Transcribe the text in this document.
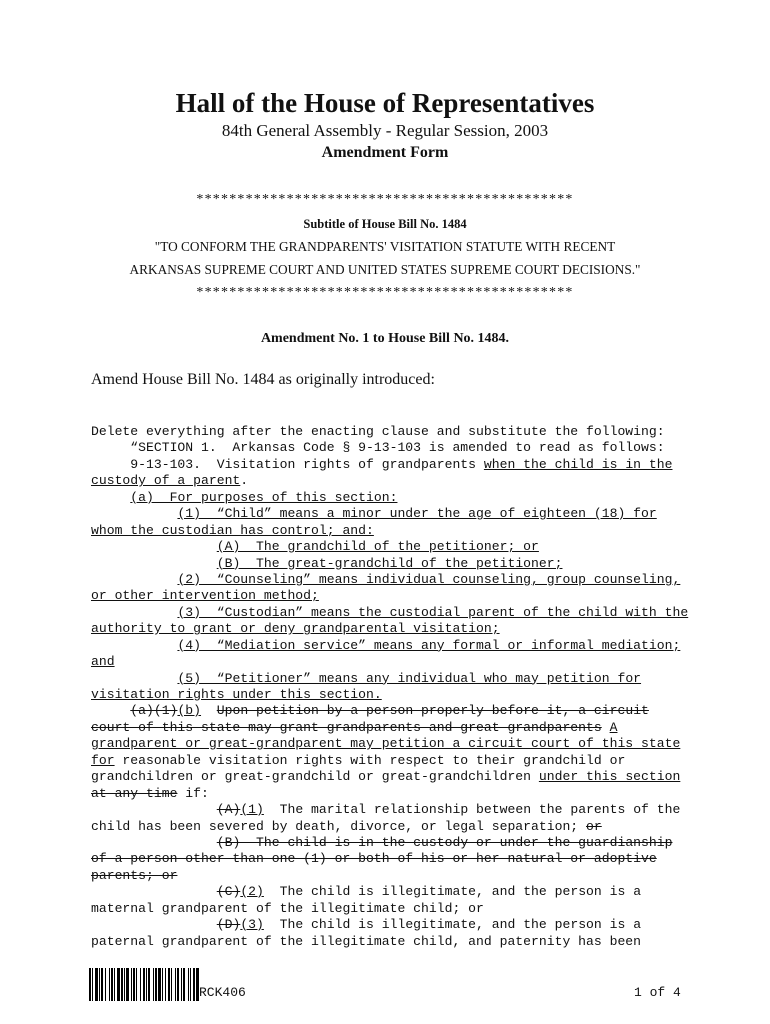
Hall of the House of Representatives
84th General Assembly - Regular Session, 2003
Amendment Form
**********************************************
Subtitle of House Bill No. 1484
"TO CONFORM THE GRANDPARENTS' VISITATION STATUTE WITH RECENT
ARKANSAS SUPREME COURT AND UNITED STATES SUPREME COURT DECISIONS."
**********************************************
Amendment No. 1 to House Bill No. 1484.
Amend House Bill No. 1484 as originally introduced:
Delete everything after the enacting clause and substitute the following:
“SECTION 1.  Arkansas Code § 9-13-103 is amended to read as follows:
9-13-103.  Visitation rights of grandparents when the child is in the
custody of a parent.
(a)  For purposes of this section:
(1)  “Child” means a minor under the age of eighteen (18) for
whom the custodian has control; and:
(A)  The grandchild of the petitioner; or
(B)  The great-grandchild of the petitioner;
(2)  “Counseling” means individual counseling, group counseling,
or other intervention method;
(3)  “Custodian” means the custodial parent of the child with the
authority to grant or deny grandparental visitation;
(4)  “Mediation service” means any formal or informal mediation;
and
(5)  “Petitioner” means any individual who may petition for
visitation rights under this section.
(a)(1)(b) Upon petition by a person properly before it, a circuit
court of this state may grant grandparents and great-grandparents A
grandparent or great-grandparent may petition a circuit court of this state
for reasonable visitation rights with respect to their grandchild or
grandchildren or great-grandchild or great-grandchildren under this section
at any time if:
(A)(1)  The marital relationship between the parents of the
child has been severed by death, divorce, or legal separation; or
(B)  The child is in the custody or under the guardianship
of a person other than one (1) or both of his or her natural or adoptive
parents; or
(C)(2)  The child is illegitimate, and the person is a
maternal grandparent of the illegitimate child; or
(D)(3)  The child is illegitimate, and the person is a
paternal grandparent of the illegitimate child, and paternity has been
RCK406	1 of 4
